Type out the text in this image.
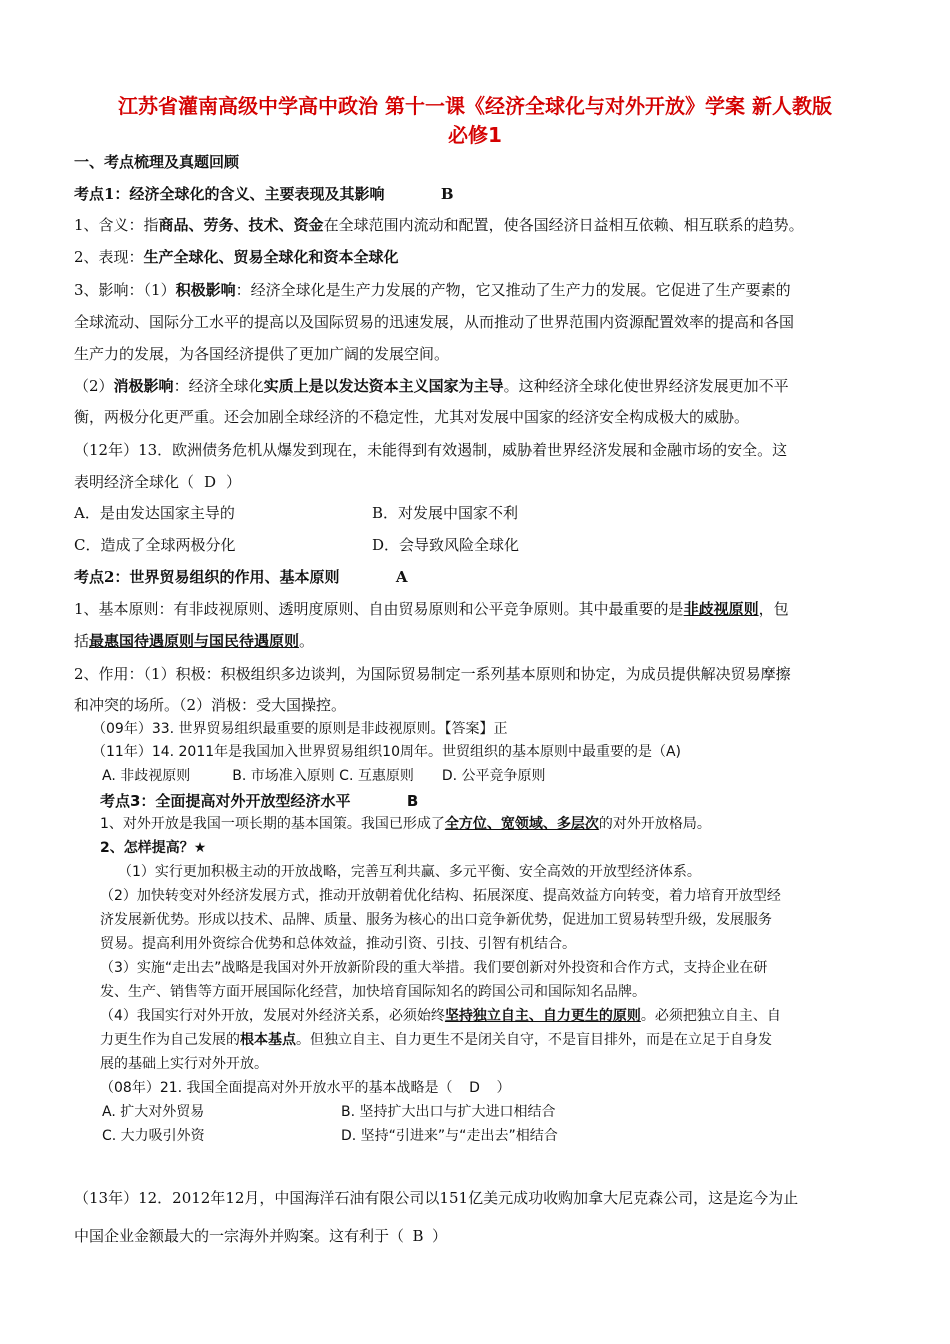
江苏省灌南高级中学高中政治 第十一课《经济全球化与对外开放》学案 新人教版
必修1
一、考点梳理及真题回顾
考点1：经济全球化的含义、主要表现及其影响	B
1、含义：指商品、劳务、技术、资金在全球范围内流动和配置，使各国经济日益相互依赖、相互联系的趋势。
2、表现：生产全球化、贸易全球化和资本全球化
3、影响：（1）积极影响：经济全球化是生产力发展的产物，它又推动了生产力的发展。它促进了生产要素的
全球流动、国际分工水平的提高以及国际贸易的迅速发展，从而推动了世界范围内资源配置效率的提高和各国
生产力的发展，为各国经济提供了更加广阔的发展空间。
（2）消极影响：经济全球化实质上是以发达资本主义国家为主导。这种经济全球化使世界经济发展更加不平
衡，两极分化更严重。还会加剧全球经济的不稳定性，尤其对发展中国家的经济安全构成极大的威胁。
（12年）13．欧洲债务危机从爆发到现在，未能得到有效遏制，威胁着世界经济发展和金融市场的安全。这
表明经济全球化（ D ）
A．是由发达国家主导的	B．对发展中国家不利
C．造成了全球两极分化	D．会导致风险全球化
考点2：世界贸易组织的作用、基本原则	A
1、基本原则：有非歧视原则、透明度原则、自由贸易原则和公平竞争原则。其中最重要的是非歧视原则，包
括最惠国待遇原则与国民待遇原则。
2、作用：（1）积极：积极组织多边谈判，为国际贸易制定一系列基本原则和协定，为成员提供解决贸易摩擦
和冲突的场所。（2）消极：受大国操控。
（09年）33. 世界贸易组织最重要的原则是非歧视原则。【答案】正
（11年）14. 2011年是我国加入世界贸易组织10周年。世贸组织的基本原则中最重要的是（A)
A. 非歧视原则　　　B. 市场准入原则 C. 互惠原则　　D. 公平竞争原则
考点3：全面提高对外开放型经济水平	B
1、对外开放是我国一项长期的基本国策。我国已形成了全方位、宽领域、多层次的对外开放格局。
2、怎样提高？★
（1）实行更加积极主动的开放战略，完善互利共赢、多元平衡、安全高效的开放型经济体系。
（2）加快转变对外经济发展方式，推动开放朝着优化结构、拓展深度、提高效益方向转变，着力培育开放型经
济发展新优势。形成以技术、品牌、质量、服务为核心的出口竞争新优势，促进加工贸易转型升级，发展服务
贸易。提高利用外资综合优势和总体效益，推动引资、引技、引智有机结合。
（3）实施“走出去”战略是我国对外开放新阶段的重大举措。我们要创新对外投资和合作方式，支持企业在研
发、生产、销售等方面开展国际化经营，加快培育国际知名的跨国公司和国际知名品牌。
（4）我国实行对外开放，发展对外经济关系，必须始终坚持独立自主、自力更生的原则。必须把独立自主、自
力更生作为自己发展的根本基点。但独立自主、自力更生不是闭关自守，不是盲目排外，而是在立足于自身发
展的基础上实行对外开放。
（08年）21. 我国全面提高对外开放水平的基本战略是（ D ）
A. 扩大对外贸易	B. 坚持扩大出口与扩大进口相结合
C. 大力吸引外资	D. 坚持“引进来”与“走出去”相结合
（13年）12．2012年12月，中国海洋石油有限公司以151亿美元成功收购加拿大尼克森公司，这是迄今为止
中国企业金额最大的一宗海外并购案。这有利于（ B ）
